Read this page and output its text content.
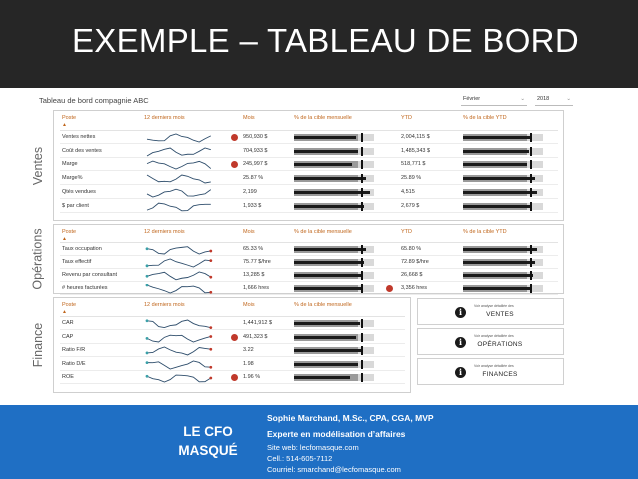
EXEMPLE – TABLEAU DE BORD
Tableau de bord compagnie ABC	Février	⌄	2018	⌄
Ventes
Poste	12 derniers mois	Mois	% de la cible mensuelle	YTD	% de la cible YTD
▲
Ventes nettes	950,930 $	2,004,115 $
Coût des ventes	704,933 $	1,485,343 $
Marge	245,997 $	518,771 $
Marge%	25.87 %	25.89 %
Qtés vendues	2,199	4,515
$ par client	1,933 $	2,679 $
Opérations	Poste	12 derniers mois	Mois	% de la cible mensuelle	YTD	% de la cible YTD
▲
Taux occupation	65.33 %	65.80 %
Taux effectif	75.77 $/hre	72.89 $/hre
Revenu par consultant	13,285 $	26,668 $
# heures facturées	1,666 hres	3,356 hres
Finance
Poste	12 derniers mois	Mois	% de la cible mensuelle
▲
CAR	1,441,912 $
CAP	491,323 $
Ratio F/R	3.22
Ratio D/E	1.98
ROE	1.96 %
i
Voir analyse détaillée des
VENTES
i
Voir analyse détaillée des
OPÉRATIONS
i
Voir analyse détaillée des
FINANCES
LE CFO
MASQUÉ
Sophie Marchand, M.Sc., CPA, CGA, MVP
Experte en modélisation d’affaires
Site web: lecfomasque.com
Cell.: 514-605-7112
Courriel: smarchand@lecfomasque.com
